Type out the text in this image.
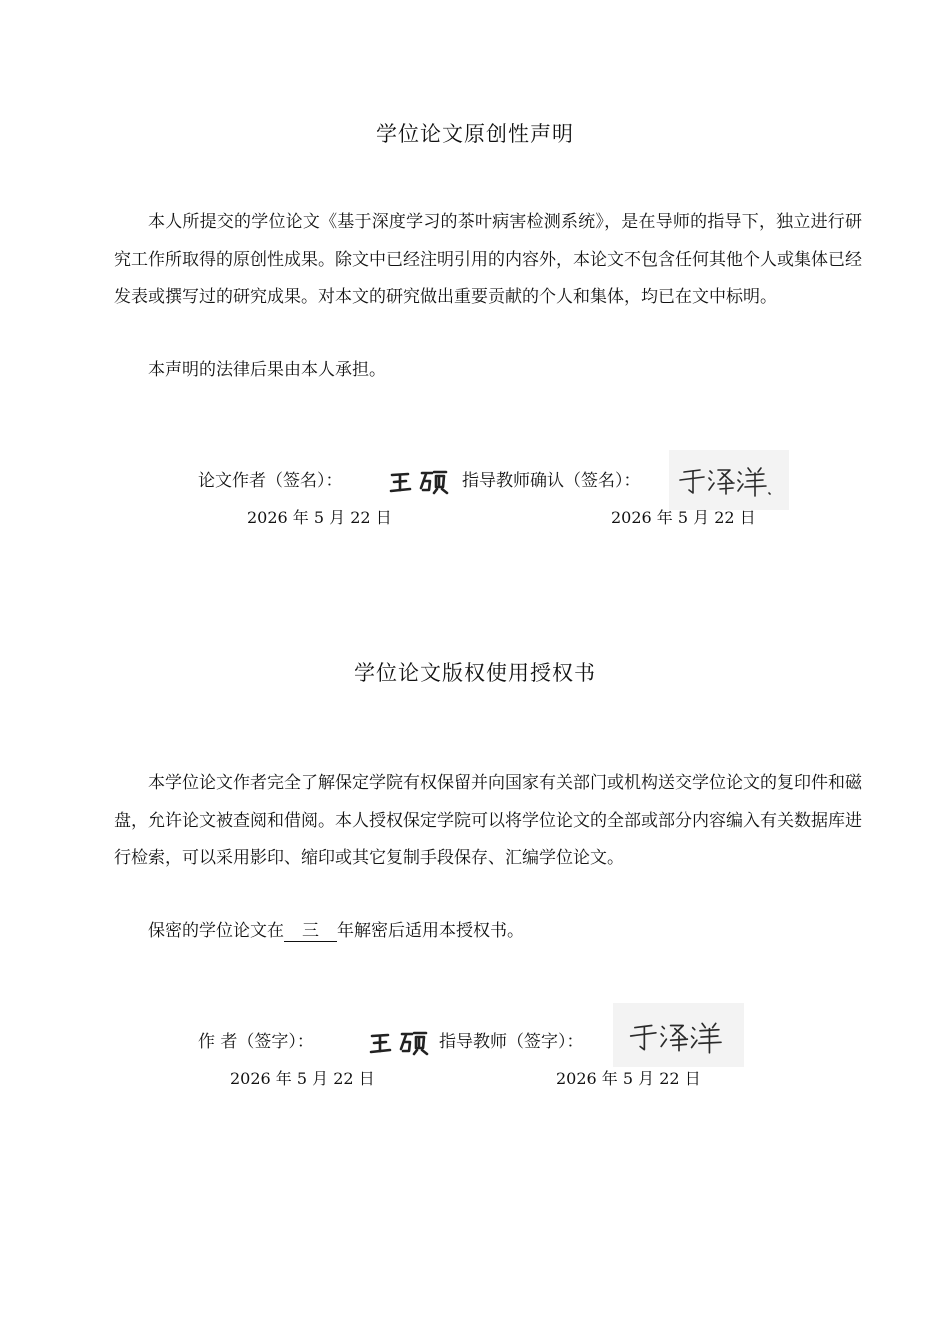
学位论文原创性声明

本人所提交的学位论文《基于深度学习的茶叶病害检测系统》，是在导师的指导下，独立进行研究工作所取得的原创性成果。除文中已经注明引用的内容外，本论文不包含任何其他个人或集体已经发表或撰写过的研究成果。对本文的研究做出重要贡献的个人和集体，均已在文中标明。

本声明的法律后果由本人承担。

论文作者（签名）：	指导教师确认（签名）：
2026 年 5 月 22 日	2026 年 5 月 22 日
学位论文版权使用授权书

本学位论文作者完全了解保定学院有权保留并向国家有关部门或机构送交学位论文的复印件和磁盘，允许论文被查阅和借阅。本人授权保定学院可以将学位论文的全部或部分内容编入有关数据库进行检索，可以采用影印、缩印或其它复制手段保存、汇编学位论文。

保密的学位论文在 三 年解密后适用本授权书。

作 者（签字）：	指导教师（签字）：
2026 年 5 月 22 日	2026 年 5 月 22 日
